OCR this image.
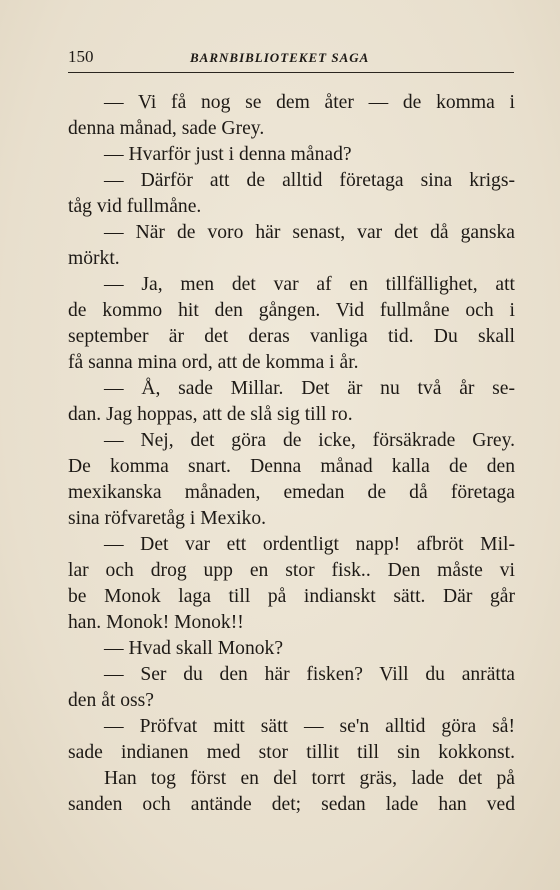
150	BARNBIBLIOTEKET SAGA
— Vi få nog se dem åter — de komma i
denna månad, sade Grey.
— Hvarför just i denna månad?
— Därför att de alltid företaga sina krigs-
tåg vid fullmåne.
— När de voro här senast, var det då ganska
mörkt.
— Ja, men det var af en tillfällighet, att
de kommo hit den gången. Vid fullmåne och i
september är det deras vanliga tid. Du skall
få sanna mina ord, att de komma i år.
— Å, sade Millar. Det är nu två år se-
dan. Jag hoppas, att de slå sig till ro.
— Nej, det göra de icke, försäkrade Grey.
De komma snart. Denna månad kalla de den
mexikanska månaden, emedan de då företaga
sina röfvaretåg i Mexiko.
— Det var ett ordentligt napp! afbröt Mil-
lar och drog upp en stor fisk.. Den måste vi
be Monok laga till på indianskt sätt. Där går
han. Monok! Monok!!
— Hvad skall Monok?
— Ser du den här fisken? Vill du anrätta
den åt oss?
— Pröfvat mitt sätt — se'n alltid göra så!
sade indianen med stor tillit till sin kokkonst.
Han tog först en del torrt gräs, lade det på
sanden och antände det; sedan lade han ved
